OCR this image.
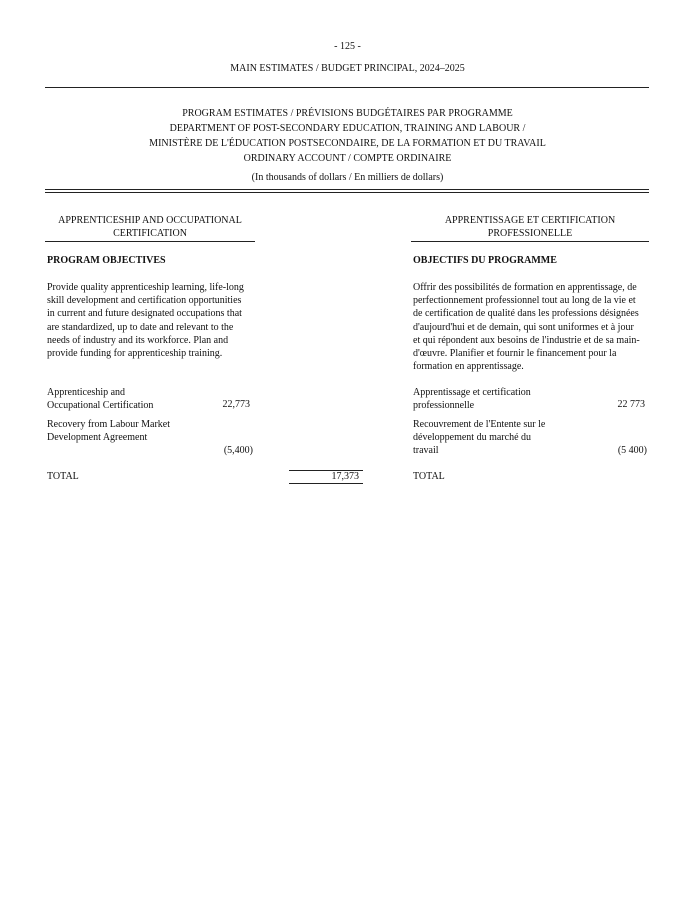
- 125 -
MAIN ESTIMATES / BUDGET PRINCIPAL, 2024–2025
PROGRAM ESTIMATES / PRÉVISIONS BUDGÉTAIRES PAR PROGRAMME
DEPARTMENT OF POST-SECONDARY EDUCATION, TRAINING AND LABOUR /
MINISTÈRE DE L'ÉDUCATION POSTSECONDAIRE, DE LA FORMATION ET DU TRAVAIL
ORDINARY ACCOUNT / COMPTE ORDINAIRE
(In thousands of dollars / En milliers de dollars)
APPRENTICESHIP AND OCCUPATIONAL
CERTIFICATION
APPRENTISSAGE ET CERTIFICATION
PROFESSIONELLE
PROGRAM OBJECTIVES	OBJECTIFS DU PROGRAMME
Provide quality apprenticeship learning, life-long
skill development and certification opportunities
in current and future designated occupations that
are standardized, up to date and relevant to the
needs of industry and its workforce. Plan and
provide funding for apprenticeship training.
Offrir des possibilités de formation en apprentissage, de
perfectionnement professionnel tout au long de la vie et
de certification de qualité dans les professions désignées
d'aujourd'hui et de demain, qui sont uniformes et à jour
et qui répondent aux besoins de l'industrie et de sa main-
d'œuvre. Planifier et fournir le financement pour la
formation en apprentissage.
Apprenticeship and
Occupational Certification	22,773
Recovery from Labour Market
Development Agreement
(5,400)
TOTAL	17,373
Apprentissage et certification
professionnelle	22 773
Recouvrement de l'Entente sur le
développement du marché du
travail	(5 400)
TOTAL
